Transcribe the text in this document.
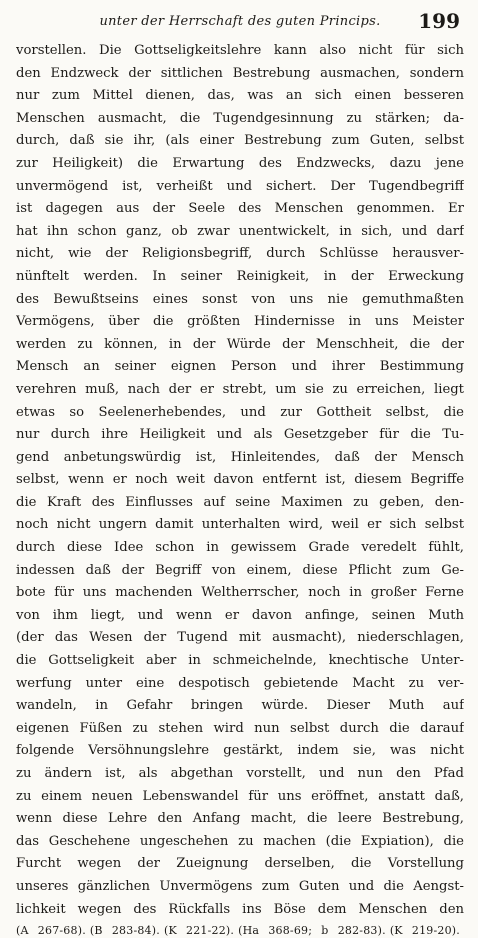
unter der Herrschaft des guten Princips.	199
vorstellen. Die Gottseligkeitslehre kann also nicht für sich
den Endzweck der sittlichen Bestrebung ausmachen, sondern
nur zum Mittel dienen, das, was an sich einen besseren
Menschen ausmacht, die Tugendgesinnung zu stärken; da-
durch, daß sie ihr, (als einer Bestrebung zum Guten, selbst
zur Heiligkeit) die Erwartung des Endzwecks, dazu jene
unvermögend ist, verheißt und sichert. Der Tugendbegriff
ist dagegen aus der Seele des Menschen genommen. Er
hat ihn schon ganz, ob zwar unentwickelt, in sich, und darf
nicht, wie der Religionsbegriff, durch Schlüsse herausver-
nünftelt werden. In seiner Reinigkeit, in der Erweckung
des Bewußtseins eines sonst von uns nie gemuthmaßten
Vermögens, über die größten Hindernisse in uns Meister
werden zu können, in der Würde der Menschheit, die der
Mensch an seiner eignen Person und ihrer Bestimmung
verehren muß, nach der er strebt, um sie zu erreichen, liegt
etwas so Seelenerhebendes, und zur Gottheit selbst, die
nur durch ihre Heiligkeit und als Gesetzgeber für die Tu-
gend anbetungswürdig ist, Hinleitendes, daß der Mensch
selbst, wenn er noch weit davon entfernt ist, diesem Begriffe
die Kraft des Einflusses auf seine Maximen zu geben, den-
noch nicht ungern damit unterhalten wird, weil er sich selbst
durch diese Idee schon in gewissem Grade veredelt fühlt,
indessen daß der Begriff von einem, diese Pflicht zum Ge-
bote für uns machenden Weltherrscher, noch in großer Ferne
von ihm liegt, und wenn er davon anfinge, seinen Muth
(der das Wesen der Tugend mit ausmacht), niederschlagen,
die Gottseligkeit aber in schmeichelnde, knechtische Unter-
werfung unter eine despotisch gebietende Macht zu ver-
wandeln, in Gefahr bringen würde. Dieser Muth auf
eigenen Füßen zu stehen wird nun selbst durch die darauf
folgende Versöhnungslehre gestärkt, indem sie, was nicht
zu ändern ist, als abgethan vorstellt, und nun den Pfad
zu einem neuen Lebenswandel für uns eröffnet, anstatt daß,
wenn diese Lehre den Anfang macht, die leere Bestrebung,
das Geschehene ungeschehen zu machen (die Expiation), die
Furcht wegen der Zueignung derselben, die Vorstellung
unseres gänzlichen Unvermögens zum Guten und die Aengst-
lichkeit wegen des Rückfalls ins Böse dem Menschen den
(A 267-68). (B 283-84). (K 221-22). (Ha 368-69; b 282-83). (K 219-20).
